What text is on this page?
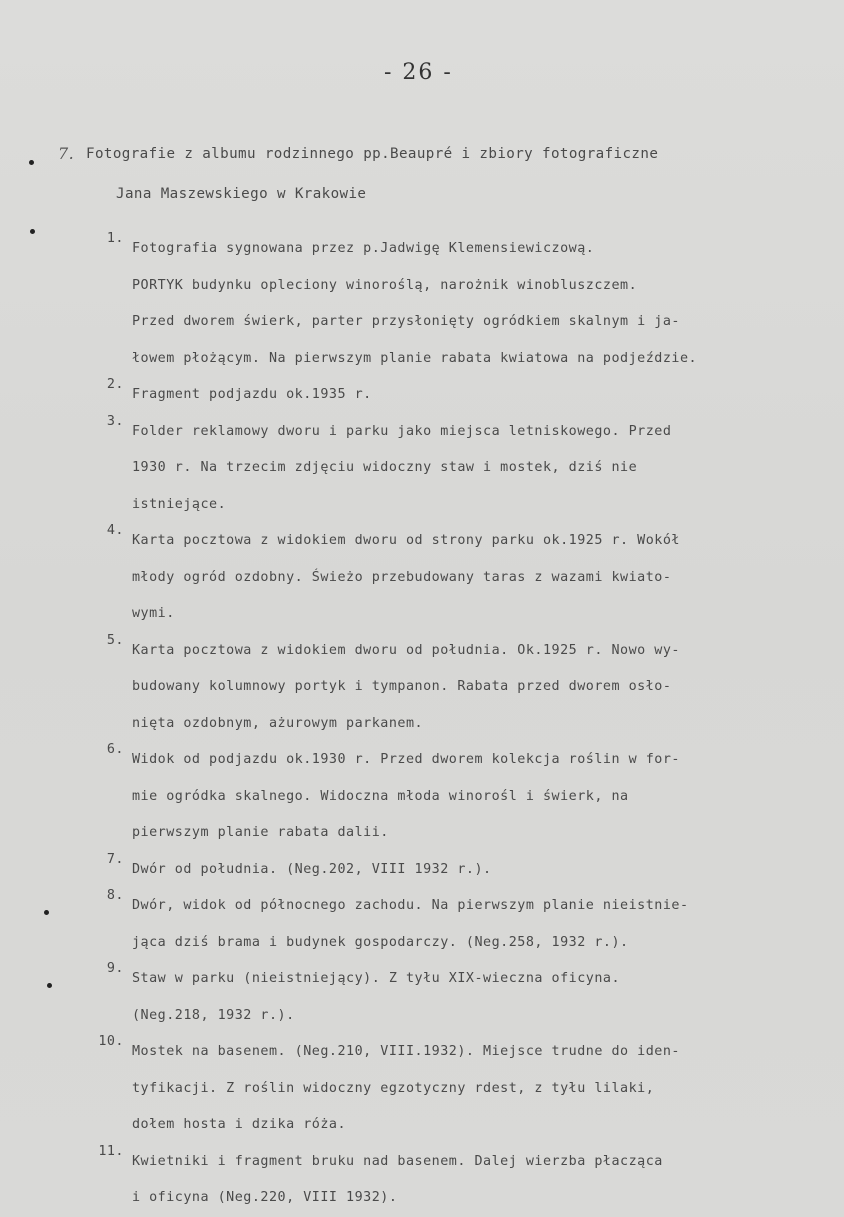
- 26 -
7. Fotografie z albumu rodzinnego pp.Beaupré i zbiory fotograficzne
Jana Maszewskiego w Krakowie
1.
Fotografia sygnowana przez p.Jadwigę Klemensiewiczową.
PORTYK budynku opleciony winoroślą, narożnik winobluszczem.
Przed dworem świerk, parter przysłonięty ogródkiem skalnym i ja-
łowem płożącym. Na pierwszym planie rabata kwiatowa na podjeździe.
2.
Fragment podjazdu ok.1935 r.
3.
Folder reklamowy dworu i parku jako miejsca letniskowego. Przed
1930 r. Na trzecim zdjęciu widoczny staw i mostek, dziś nie
istniejące.
4.
Karta pocztowa z widokiem dworu od strony parku ok.1925 r. Wokół
młody ogród ozdobny. Świeżo przebudowany taras z wazami kwiato-
wymi.
5.
Karta pocztowa z widokiem dworu od południa. Ok.1925 r. Nowo wy-
budowany kolumnowy portyk i tympanon. Rabata przed dworem osło-
nięta ozdobnym, ażurowym parkanem.
6.
Widok od podjazdu ok.1930 r. Przed dworem kolekcja roślin w for-
mie ogródka skalnego. Widoczna młoda winorośl i świerk, na
pierwszym planie rabata dalii.
7.
Dwór od południa. (Neg.202, VIII 1932 r.).
8.
Dwór, widok od północnego zachodu. Na pierwszym planie nieistnie-
jąca dziś brama i budynek gospodarczy. (Neg.258, 1932 r.).
9.
Staw w parku (nieistniejący). Z tyłu XIX-wieczna oficyna.
(Neg.218, 1932 r.).
10.
Mostek na basenem. (Neg.210, VIII.1932). Miejsce trudne do iden-
tyfikacji. Z roślin widoczny egzotyczny rdest, z tyłu lilaki,
dołem hosta i dzika róża.
11.
Kwietniki i fragment bruku nad basenem. Dalej wierzba płacząca
i oficyna (Neg.220, VIII 1932).
